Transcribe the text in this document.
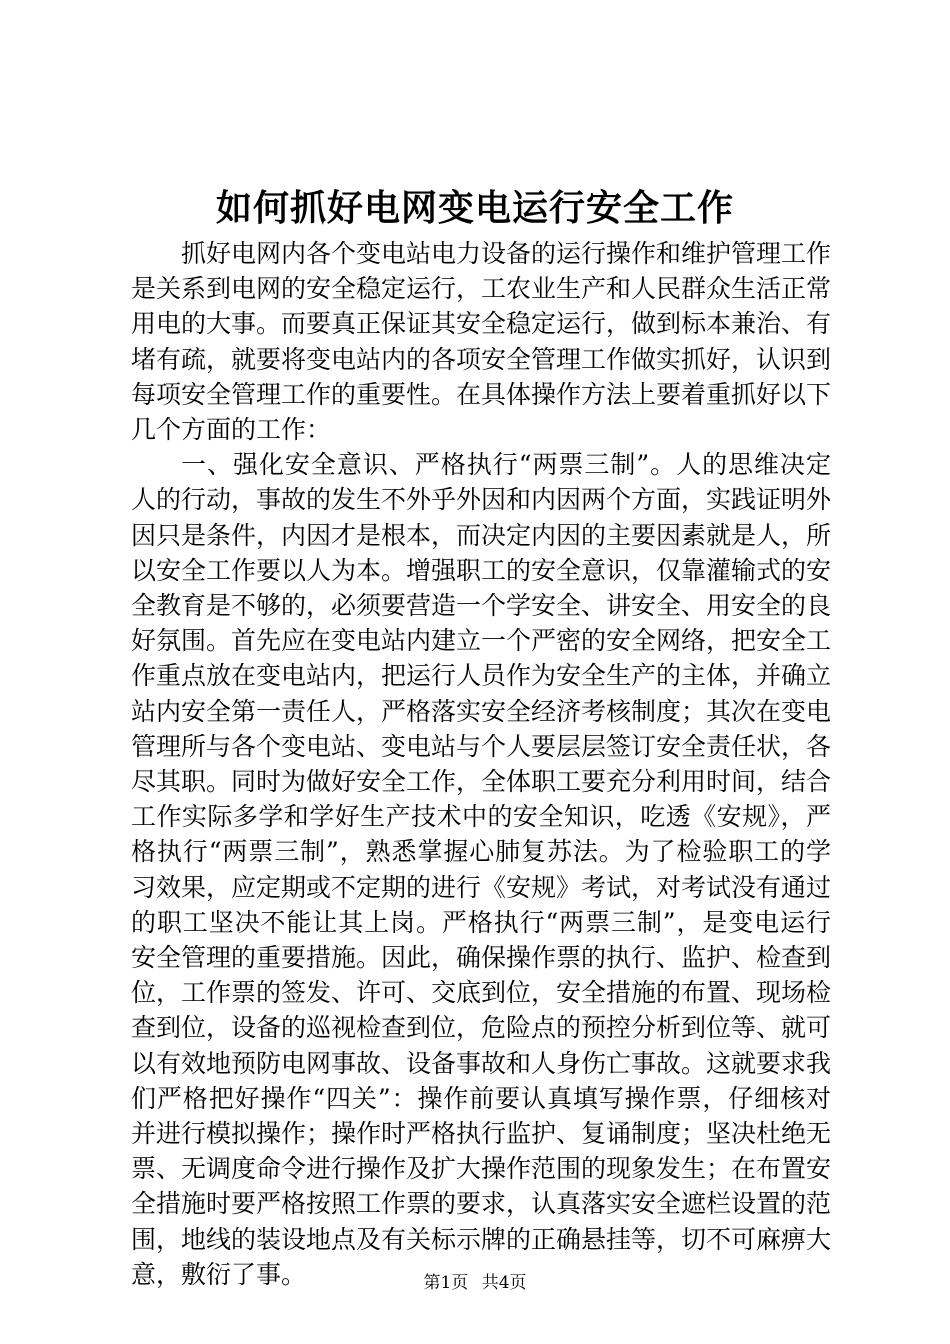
如何抓好电网变电运行安全工作

抓好电网内各个变电站电力设备的运行操作和维护管理工作是关系到电网的安全稳定运行，工农业生产和人民群众生活正常用电的大事。而要真正保证其安全稳定运行，做到标本兼治、有堵有疏，就要将变电站内的各项安全管理工作做实抓好，认识到每项安全管理工作的重要性。在具体操作方法上要着重抓好以下几个方面的工作：

一、强化安全意识、严格执行“两票三制”。人的思维决定人的行动，事故的发生不外乎外因和内因两个方面，实践证明外因只是条件，内因才是根本，而决定内因的主要因素就是人，所以安全工作要以人为本。增强职工的安全意识，仅靠灌输式的安全教育是不够的，必须要营造一个学安全、讲安全、用安全的良好氛围。首先应在变电站内建立一个严密的安全网络，把安全工作重点放在变电站内，把运行人员作为安全生产的主体，并确立站内安全第一责任人，严格落实安全经济考核制度；其次在变电管理所与各个变电站、变电站与个人要层层签订安全责任状，各尽其职。同时为做好安全工作，全体职工要充分利用时间，结合工作实际多学和学好生产技术中的安全知识，吃透《安规》，严格执行“两票三制”，熟悉掌握心肺复苏法。为了检验职工的学习效果，应定期或不定期的进行《安规》考试，对考试没有通过的职工坚决不能让其上岗。严格执行“两票三制”，是变电运行安全管理的重要措施。因此，确保操作票的执行、监护、检查到位，工作票的签发、许可、交底到位，安全措施的布置、现场检查到位，设备的巡视检查到位，危险点的预控分析到位等、就可以有效地预防电网事故、设备事故和人身伤亡事故。这就要求我们严格把好操作“四关”：操作前要认真填写操作票，仔细核对并进行模拟操作；操作时严格执行监护、复诵制度；坚决杜绝无票、无调度命令进行操作及扩大操作范围的现象发生；在布置安全措施时要严格按照工作票的要求，认真落实安全遮栏设置的范围，地线的装设地点及有关标示牌的正确悬挂等，切不可麻痹大意，敷衍了事。	第1页 共4页
